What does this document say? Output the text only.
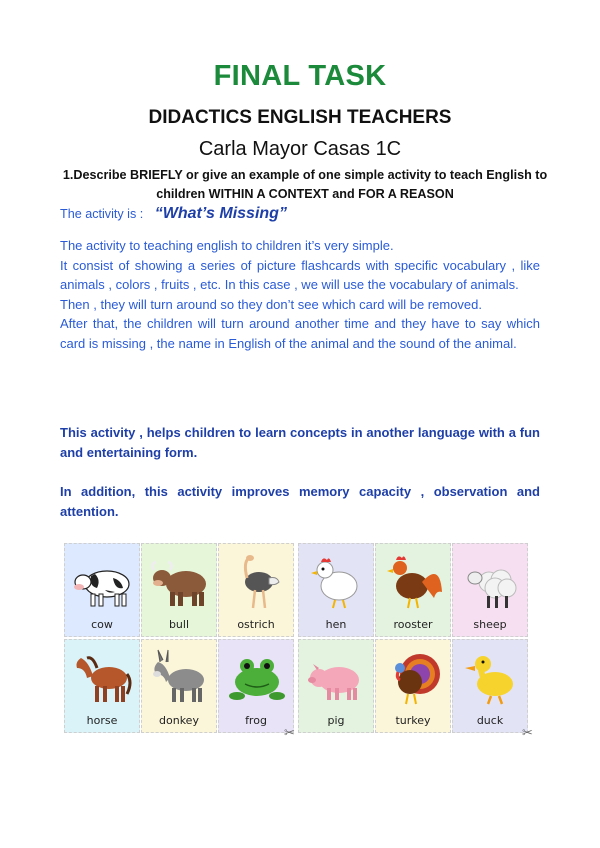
FINAL TASK
DIDACTICS ENGLISH TEACHERS
Carla Mayor Casas 1C
1.Describe BRIEFLY or give an example of one simple activity to teach English to children WITHIN A CONTEXT and FOR A REASON
The activity is : “What’s Missing”

The activity to teaching english to children it’s very simple.

It consist of showing a series of picture flashcards with specific vocabulary , like animals , colors , fruits , etc. In this case , we will use the vocabulary of animals.

Then , they will turn around so they don’t see which card will be removed.

After that, the children will turn around another time and they have to say which card is missing , the name in English of the animal and the sound of the animal.

This activity , helps children to learn concepts in another language with a fun and entertaining form.
In addition, this activity improves memory capacity , observation and attention.
cow	bull	ostrich
horse	donkey	frog
hen	rooster	sheep
pig	turkey	duck
✂	✂
